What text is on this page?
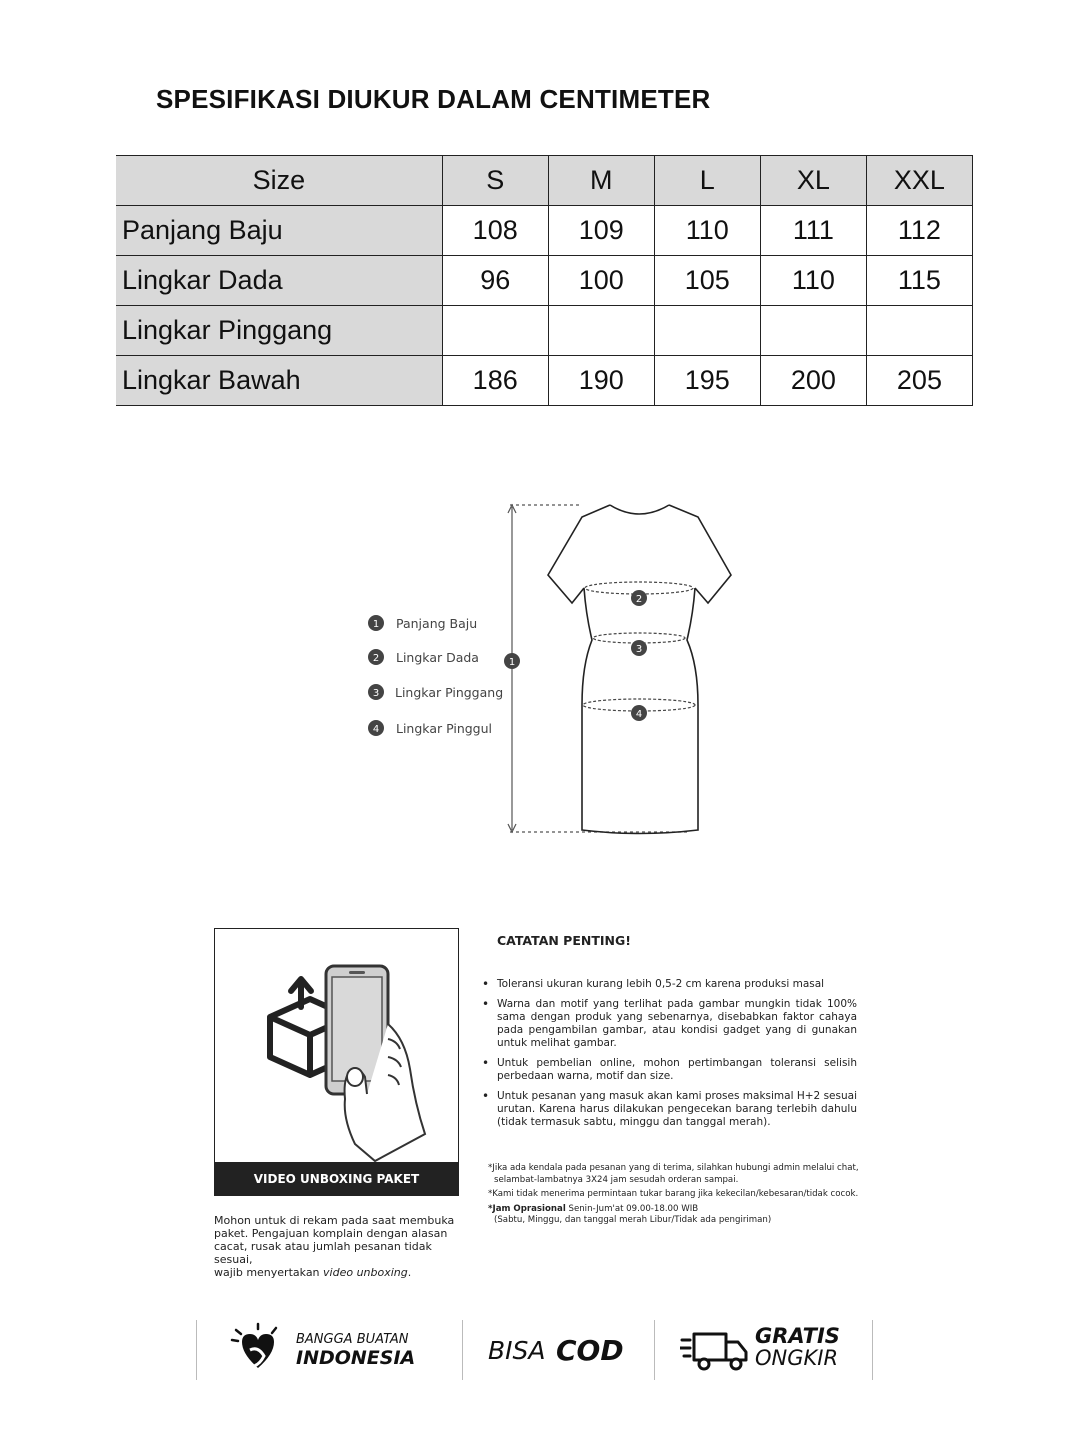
SPESIFIKASI DIUKUR DALAM CENTIMETER
Size	S	M	L	XL	XXL
Panjang Baju	108	109	110	111	112
Lingkar Dada	96	100	105	110	115
Lingkar Pinggang					
Lingkar Bawah	186	190	195	200	205
1 Panjang Baju
2 Lingkar Dada
3 Lingkar Pinggang
4 Lingkar Pinggul
1
2
3
4
VIDEO UNBOXING PAKET
Mohon untuk di rekam pada saat membuka
paket. Pengajuan komplain dengan alasan
cacat, rusak atau jumlah pesanan tidak sesuai,
wajib menyertakan video unboxing.
CATATAN PENTING!
• Toleransi ukuran kurang lebih 0,5-2 cm karena produksi masal
• Warna dan motif yang terlihat pada gambar mungkin tidak 100% sama dengan produk yang sebenarnya, disebabkan faktor cahaya pada pengambilan gambar, atau kondisi gadget yang di gunakan untuk melihat gambar.
• Untuk pembelian online, mohon pertimbangan toleransi selisih perbedaan warna, motif dan size.
• Untuk pesanan yang masuk akan kami proses maksimal H+2 sesuai urutan. Karena harus dilakukan pengecekan barang terlebih dahulu (tidak termasuk sabtu, minggu dan tanggal merah).
*Jika ada kendala pada pesanan yang di terima, silahkan hubungi admin melalui chat,
selambat-lambatnya 3X24 jam sesudah orderan sampai.
*Kami tidak menerima permintaan tukar barang jika kekecilan/kebesaran/tidak cocok.
*Jam Oprasional Senin-Jum'at 09.00-18.00 WIB
(Sabtu, Minggu, dan tanggal merah Libur/Tidak ada pengiriman)
BANGGA BUATAN
INDONESIA	BISA COD	GRATIS
ONGKIR
